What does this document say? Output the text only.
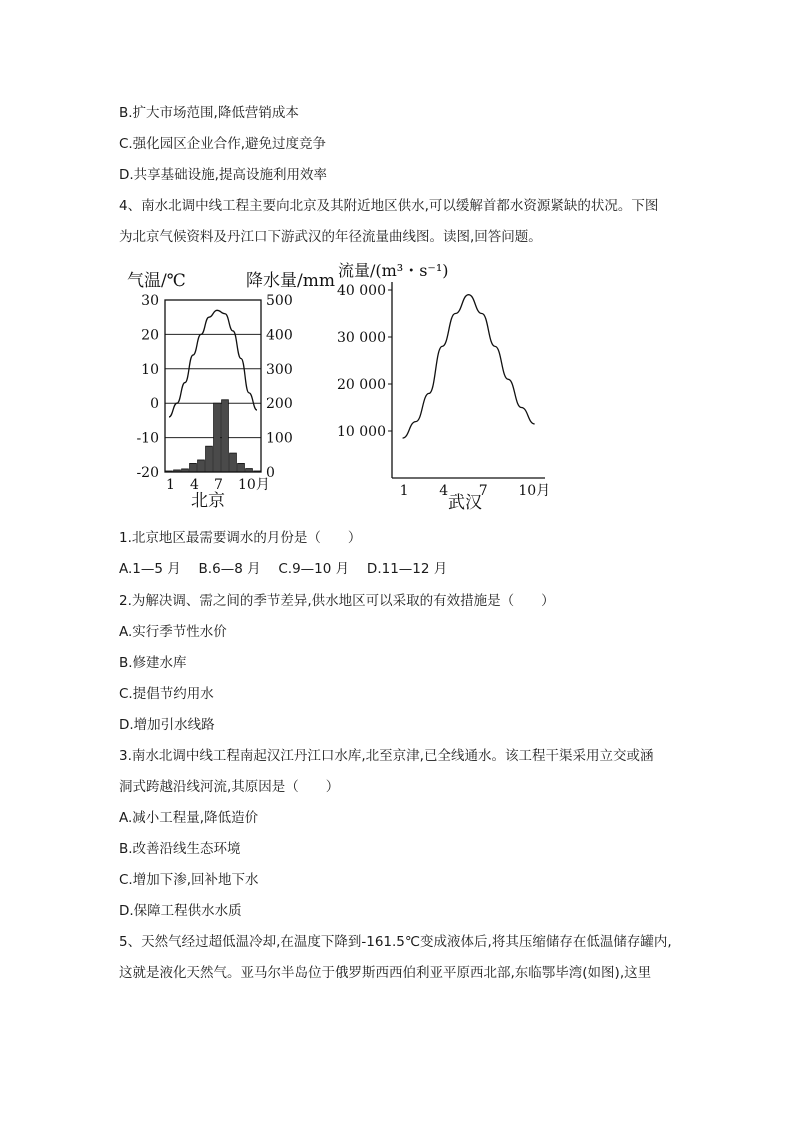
B.扩大市场范围,降低营销成本
C.强化园区企业合作,避免过度竞争
D.共享基础设施,提高设施利用效率
4、南水北调中线工程主要向北京及其附近地区供水,可以缓解首都水资源紧缺的状况。下图
为北京气候资料及丹江口下游武汉的年径流量曲线图。读图,回答问题。
气温/℃	降水量/mm
30
20
10
0
-10
-20
500
400
300
200
100
0
1 4 7 10月
北京
流量/(m³・s⁻¹)
40 000
30 000
20 000
10 000
1 4 7 10月
武汉
1.北京地区最需要调水的月份是（　　）
A.1—5 月　 B.6—8 月　 C.9—10 月　 D.11—12 月
2.为解决调、需之间的季节差异,供水地区可以采取的有效措施是（　　）
A.实行季节性水价
B.修建水库
C.提倡节约用水
D.增加引水线路
3.南水北调中线工程南起汉江丹江口水库,北至京津,已全线通水。该工程干渠采用立交或涵
洞式跨越沿线河流,其原因是（　　）
A.减小工程量,降低造价
B.改善沿线生态环境
C.增加下渗,回补地下水
D.保障工程供水水质
5、天然气经过超低温冷却,在温度下降到-161.5℃变成液体后,将其压缩储存在低温储存罐内,
这就是液化天然气。亚马尔半岛位于俄罗斯西西伯利亚平原西北部,东临鄂毕湾(如图),这里
